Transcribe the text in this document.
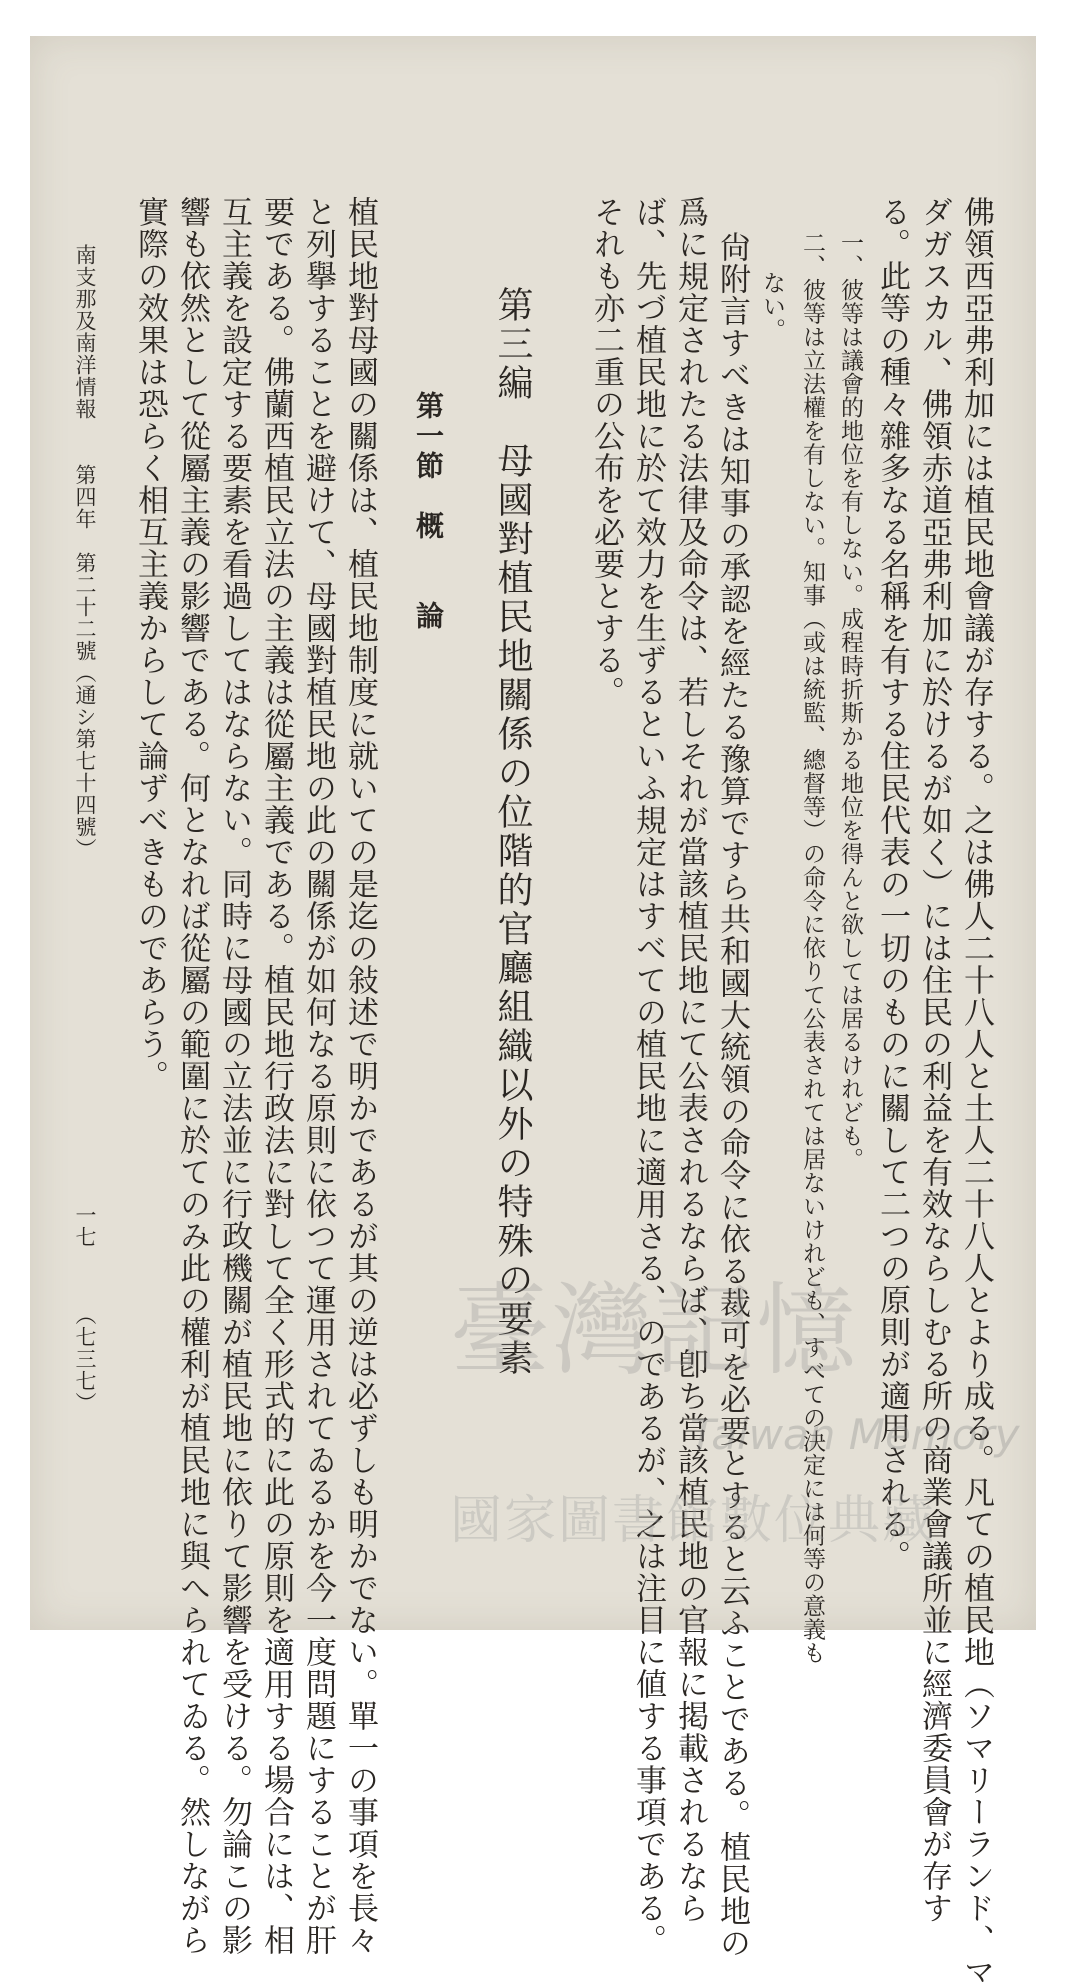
佛領西亞弗利加には植民地會議が存する。之は佛人二十八人と土人二十八人とより成る。凡ての植民地（ソマリーランド、マ
ダガスカル、佛領赤道亞弗利加に於けるが如く）には住民の利益を有效ならしむる所の商業會議所並に經濟委員會が存す
る。此等の種々雜多なる名稱を有する住民代表の一切のものに關して二つの原則が適用される。
一、彼等は議會的地位を有しない。成程時折斯かる地位を得んと欲しては居るけれども。
二、彼等は立法權を有しない。知事（或は統監、總督等）の命令に依りて公表されては居ないけれども、すべての決定には何等の意義も
ない。
尙附言すべきは知事の承認を經たる豫算ですら共和國大統領の命令に依る裁可を必要とすると云ふことである。植民地の
爲に規定されたる法律及命令は、若しそれが當該植民地にて公表されるならば、卽ち當該植民地の官報に掲載されるなら
ば、先づ植民地に於て效力を生ずるといふ規定はすべての植民地に適用さる、のであるが、之は注目に値する事項である。
それも亦二重の公布を必要とする。
第三編　母國對植民地關係の位階的官廳組織以外の特殊の要素
第一節　概　　論
植民地對母國の關係は、植民地制度に就いての是迄の敍述で明かであるが其の逆は必ずしも明かでない。單一の事項を長々
と列擧することを避けて、母國對植民地の此の關係が如何なる原則に依つて運用されてゐるかを今一度問題にすることが肝
要である。佛蘭西植民立法の主義は從屬主義である。植民地行政法に對して全く形式的に此の原則を適用する場合には、相
互主義を設定する要素を看過してはならない。同時に母國の立法並に行政機關が植民地に依りて影響を受ける。勿論この影
響も依然として從屬主義の影響である。何となれば從屬の範圍に於てのみ此の權利が植民地に與へられてゐる。然しながら
實際の效果は恐らく相互主義からして論ずべきものであらう。
南支那及南洋情報　　第四年　第二十二號（通シ第七十四號）
一七
（七三七）	臺灣記憶
Taiwan Memory
國家圖書館數位典藏
